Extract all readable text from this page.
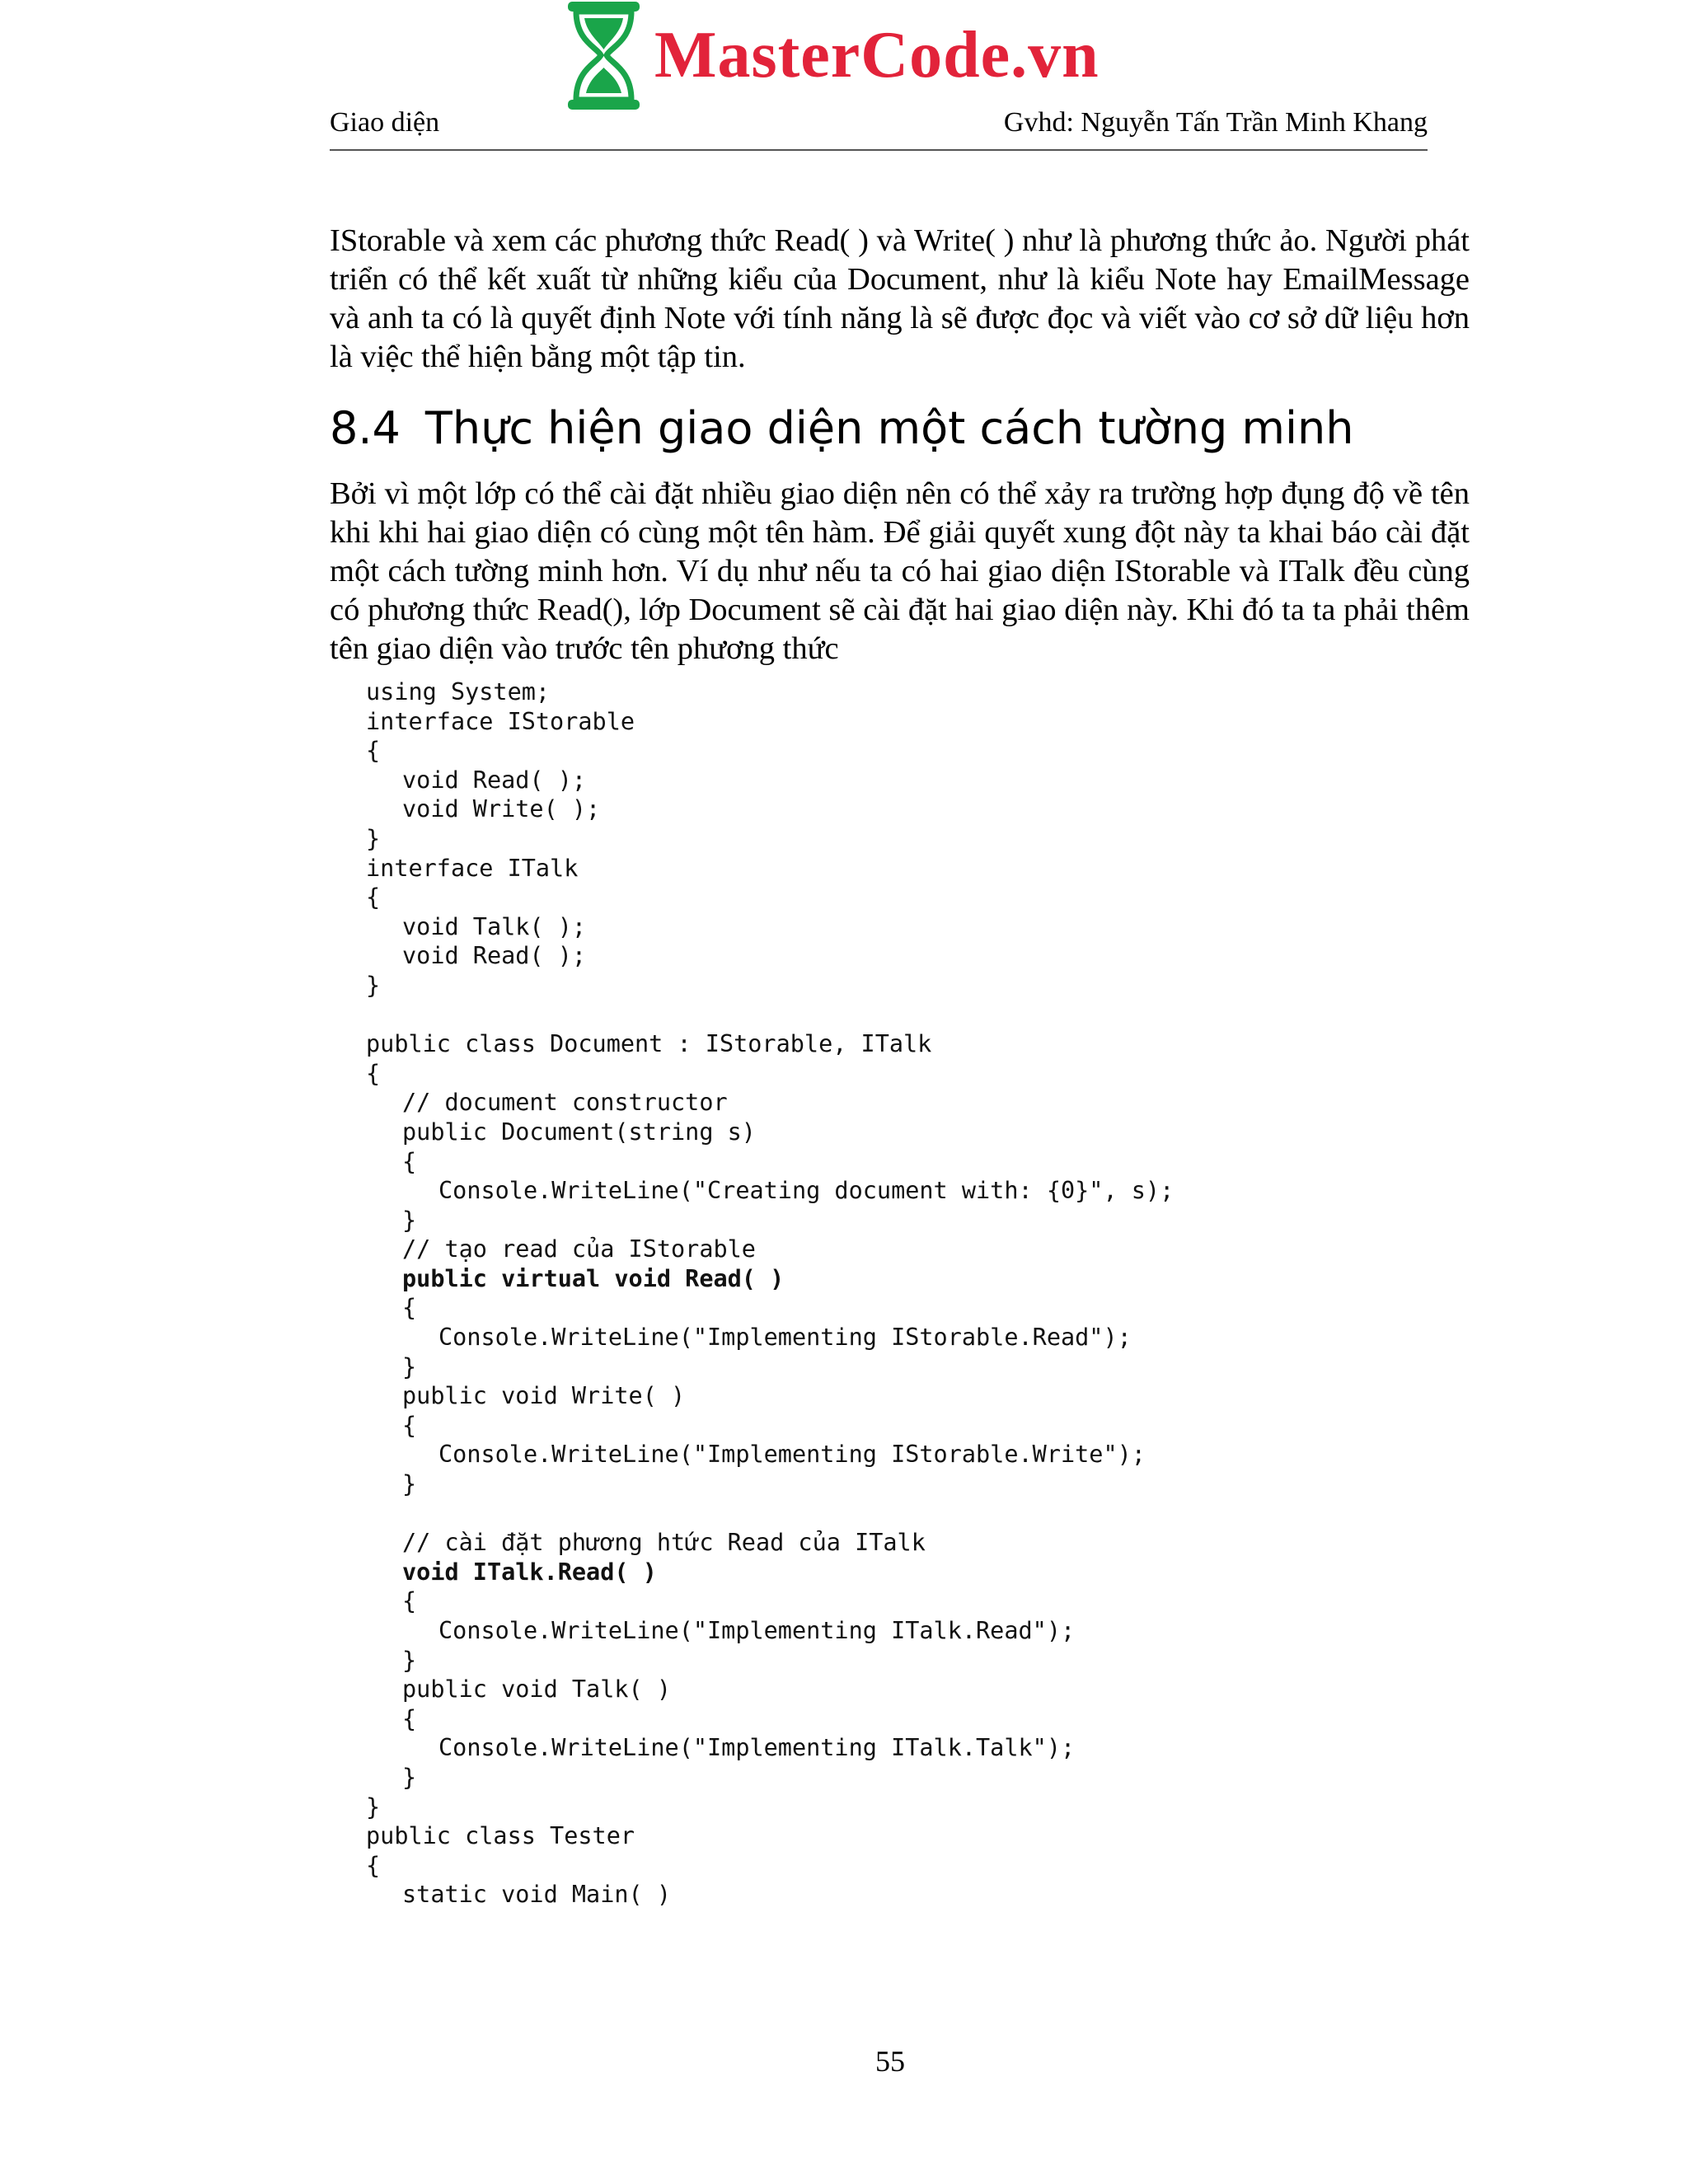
MasterCode.vn
Giao diện	Gvhd: Nguyễn Tấn Trần Minh Khang

IStorable và xem các phương thức Read( ) và Write( ) như là phương thức ảo. Người phát triển có thể kết xuất từ những kiểu của Document, như là kiểu Note hay EmailMessage và anh ta có là quyết định Note với tính năng là sẽ được đọc và viết vào cơ sở dữ liệu hơn là việc thể hiện bằng một tập tin.

8.4 Thực hiện giao diện một cách tường minh

Bởi vì một lớp có thể cài đặt nhiều giao diện nên có thể xảy ra trường hợp đụng độ về tên khi khi hai giao diện có cùng một tên hàm. Để giải quyết xung đột này ta khai báo cài đặt một cách tường minh hơn. Ví dụ như nếu ta có hai giao diện IStorable và ITalk đều cùng có phương thức Read(), lớp Document sẽ cài đặt hai giao diện này. Khi đó ta ta phải thêm tên giao diện vào trước tên phương thức

using System;
interface IStorable
{
void Read( );
void Write( );
}
interface ITalk
{
void Talk( );
void Read( );
}
public class Document : IStorable, ITalk
{
// document constructor
public Document(string s)
{
Console.WriteLine("Creating document with: {0}", s);
}
// tạo read của IStorable
public virtual void Read( )
{
Console.WriteLine("Implementing IStorable.Read");
}
public void Write( )
{
Console.WriteLine("Implementing IStorable.Write");
}
// cài đặt phương htức Read của ITalk
void ITalk.Read( )
{
Console.WriteLine("Implementing ITalk.Read");
}
public void Talk( )
{
Console.WriteLine("Implementing ITalk.Talk");
}
}
public class Tester
{
static void Main( )
55
